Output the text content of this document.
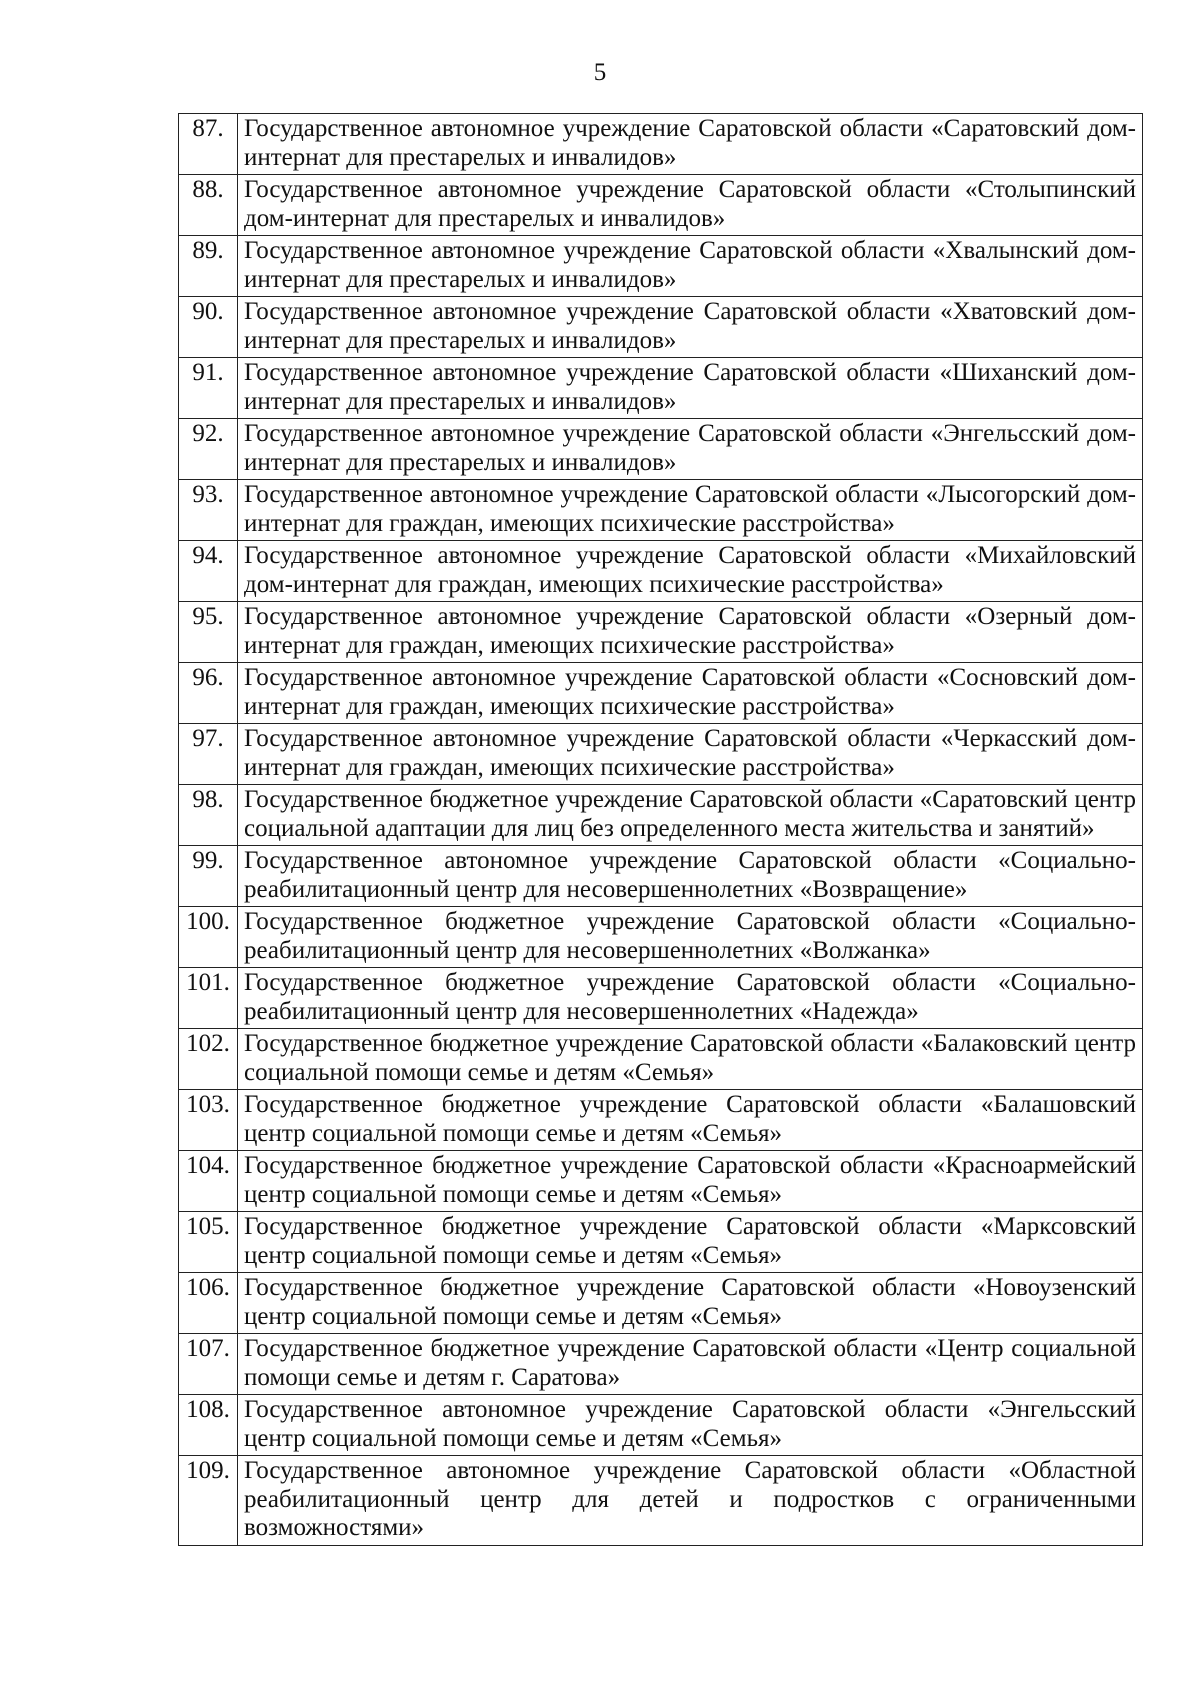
5
87.	Государственное автономное учреждение Саратовской области «Саратовский дом-интернат для престарелых и инвалидов»
88.	Государственное автономное учреждение Саратовской области «Столыпинский дом-интернат для престарелых и инвалидов»
89.	Государственное автономное учреждение Саратовской области «Хвалынский дом-интернат для престарелых и инвалидов»
90.	Государственное автономное учреждение Саратовской области «Хватовский дом-интернат для престарелых и инвалидов»
91.	Государственное автономное учреждение Саратовской области «Шиханский дом-интернат для престарелых и инвалидов»
92.	Государственное автономное учреждение Саратовской области «Энгельсский дом-интернат для престарелых и инвалидов»
93.	Государственное автономное учреждение Саратовской области «Лысогорский дом-интернат для граждан, имеющих психические расстройства»
94.	Государственное автономное учреждение Саратовской области «Михайловский дом-интернат для граждан, имеющих психические расстройства»
95.	Государственное автономное учреждение Саратовской области «Озерный дом-интернат для граждан, имеющих психические расстройства»
96.	Государственное автономное учреждение Саратовской области «Сосновский дом-интернат для граждан, имеющих психические расстройства»
97.	Государственное автономное учреждение Саратовской области «Черкасский дом-интернат для граждан, имеющих психические расстройства»
98.	Государственное бюджетное учреждение Саратовской области «Саратовский центр социальной адаптации для лиц без определенного места жительства и занятий»
99.	Государственное автономное учреждение Саратовской области «Социально-реабилитационный центр для несовершеннолетних «Возвращение»
100.	Государственное бюджетное учреждение Саратовской области «Социально-реабилитационный центр для несовершеннолетних «Волжанка»
101.	Государственное бюджетное учреждение Саратовской области «Социально-реабилитационный центр для несовершеннолетних «Надежда»
102.	Государственное бюджетное учреждение Саратовской области «Балаковский центр социальной помощи семье и детям «Семья»
103.	Государственное бюджетное учреждение Саратовской области «Балашовский центр социальной помощи семье и детям «Семья»
104.	Государственное бюджетное учреждение Саратовской области «Красноармейский центр социальной помощи семье и детям «Семья»
105.	Государственное бюджетное учреждение Саратовской области «Марксовский центр социальной помощи семье и детям «Семья»
106.	Государственное бюджетное учреждение Саратовской области «Новоузенский центр социальной помощи семье и детям «Семья»
107.	Государственное бюджетное учреждение Саратовской области «Центр социальной помощи семье и детям г. Саратова»
108.	Государственное автономное учреждение Саратовской области «Энгельсский центр социальной помощи семье и детям «Семья»
109.	Государственное автономное учреждение Саратовской области «Областной реабилитационный центр для детей и подростков с ограниченными возможностями»
